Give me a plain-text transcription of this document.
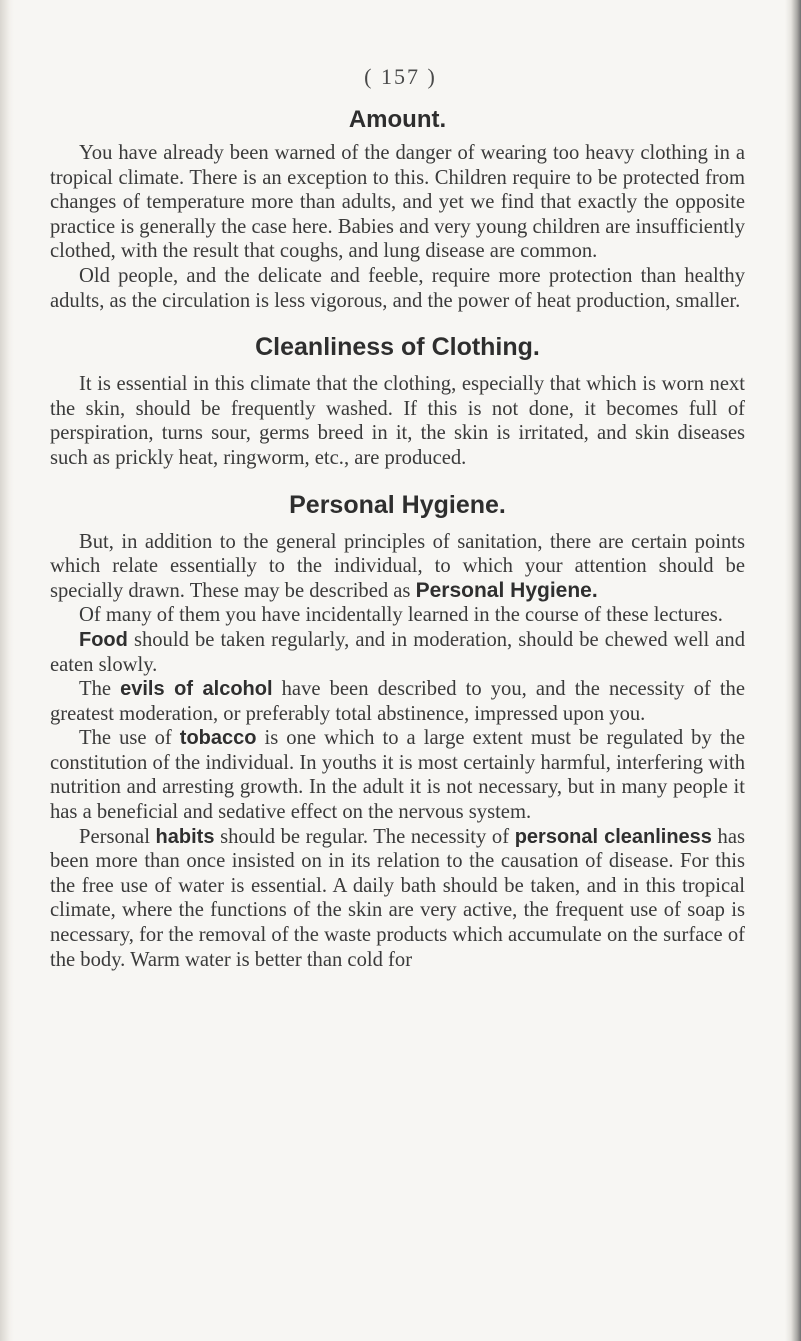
( 157 )
Amount.

You have already been warned of the danger of wearing too heavy clothing in a tropical climate. There is an exception to this. Children require to be protected from changes of temperature more than adults, and yet we find that exactly the opposite practice is generally the case here. Babies and very young children are insufficiently clothed, with the result that coughs, and lung disease are common.

Old people, and the delicate and feeble, require more protection than healthy adults, as the circulation is less vigorous, and the power of heat production, smaller.

Cleanliness of Clothing.

It is essential in this climate that the clothing, especially that which is worn next the skin, should be frequently washed. If this is not done, it becomes full of perspiration, turns sour, germs breed in it, the skin is irritated, and skin diseases such as prickly heat, ringworm, etc., are produced.

Personal Hygiene.

But, in addition to the general principles of sanitation, there are certain points which relate essentially to the individual, to which your attention should be specially drawn. These may be described as Personal Hygiene.

Of many of them you have incidentally learned in the course of these lectures.

Food should be taken regularly, and in moderation, should be chewed well and eaten slowly.

The evils of alcohol have been described to you, and the necessity of the greatest moderation, or preferably total abstinence, impressed upon you.

The use of tobacco is one which to a large extent must be regulated by the constitution of the individual. In youths it is most certainly harmful, interfering with nutrition and arresting growth. In the adult it is not necessary, but in many people it has a beneficial and sedative effect on the nervous system.

Personal habits should be regular. The necessity of personal cleanliness has been more than once insisted on in its relation to the causation of disease. For this the free use of water is essential. A daily bath should be taken, and in this tropical climate, where the functions of the skin are very active, the frequent use of soap is necessary, for the removal of the waste products which accumulate on the surface of the body. Warm water is better than cold for
